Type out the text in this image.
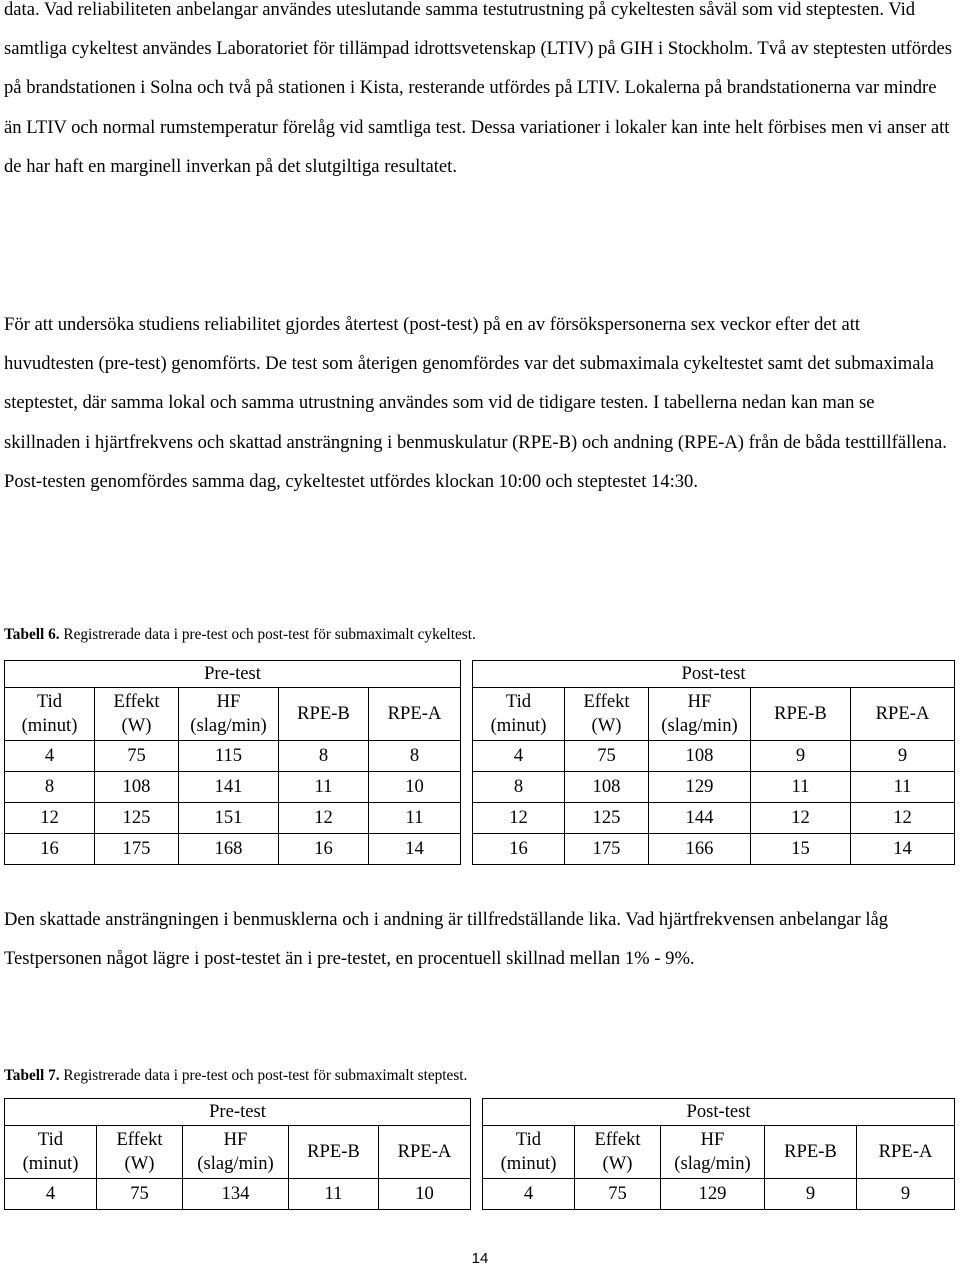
data. Vad reliabiliteten anbelangar användes uteslutande samma testutrustning på cykeltesten såväl som vid steptesten. Vid samtliga cykeltest användes Laboratoriet för tillämpad idrottsvetenskap (LTIV) på GIH i Stockholm. Två av steptesten utfördes på brandstationen i Solna och två på stationen i Kista, resterande utfördes på LTIV. Lokalerna på brandstationerna var mindre än LTIV och normal rumstemperatur förelåg vid samtliga test. Dessa variationer i lokaler kan inte helt förbises men vi anser att de har haft en marginell inverkan på det slutgiltiga resultatet.

För att undersöka studiens reliabilitet gjordes återtest (post-test) på en av försökspersonerna sex veckor efter det att huvudtesten (pre-test) genomförts. De test som återigen genomfördes var det submaximala cykeltestet samt det submaximala steptestet, där samma lokal och samma utrustning användes som vid de tidigare testen. I tabellerna nedan kan man se skillnaden i hjärtfrekvens och skattad ansträngning i benmuskulatur (RPE-B) och andning (RPE-A) från de båda testtillfällena. Post-testen genomfördes samma dag, cykeltestet utfördes klockan 10:00 och steptestet 14:30.

Tabell 6. Registrerade data i pre-test och post-test för submaximalt cykeltest.
Pre-test				
Tid
(minut)	Effekt
(W)	HF
(slag/min)	RPE-B	RPE-A
4	75	115	8	8
8	108	141	11	10
12	125	151	12	11
16	175	168	16	14
Post-test				
Tid
(minut)	Effekt
(W)	HF
(slag/min)	RPE-B	RPE-A
4	75	108	9	9
8	108	129	11	11
12	125	144	12	12
16	175	166	15	14

Den skattade ansträngningen i benmusklerna och i andning är tillfredställande lika. Vad hjärtfrekvensen anbelangar låg Testpersonen något lägre i post-testet än i pre-testet, en procentuell skillnad mellan 1% - 9%.

Tabell 7. Registrerade data i pre-test och post-test för submaximalt steptest.
Pre-test				
Tid
(minut)	Effekt
(W)	HF
(slag/min)	RPE-B	RPE-A
4	75	134	11	10
Post-test				
Tid
(minut)	Effekt
(W)	HF
(slag/min)	RPE-B	RPE-A
4	75	129	9	9
14
